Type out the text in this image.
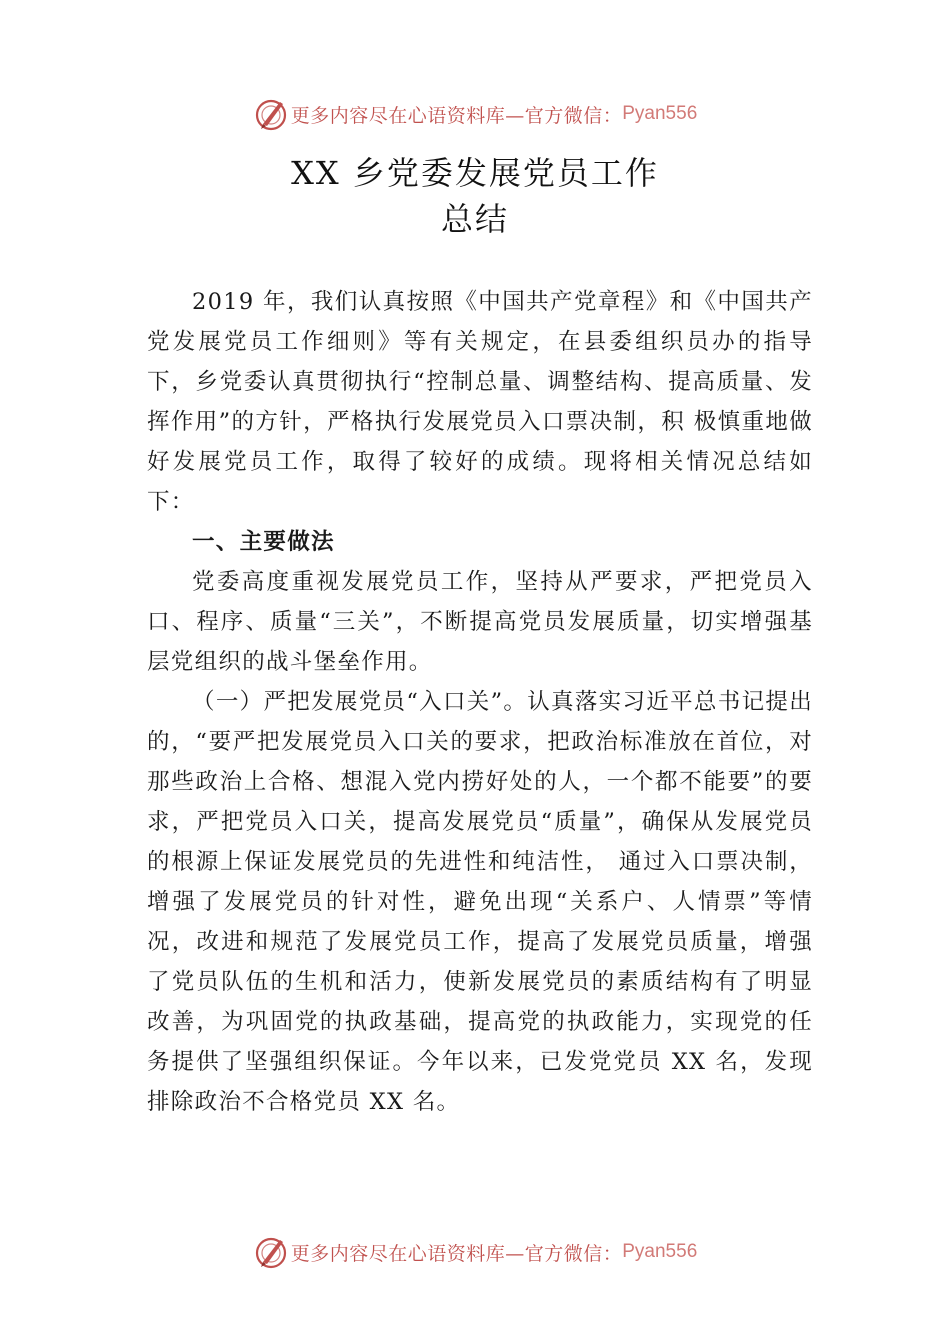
更多内容尽在心语资料库—官方微信： Pyan556
XX 乡党委发展党员工作
总结

2019 年，我们认真按照《中国共产党章程》和《中国共产党发展党员工作细则》等有关规定，在县委组织员办的指导下，乡党委认真贯彻执行“控制总量、调整结构、提高质量、发挥作用”的方针，严格执行发展党员入口票决制，积 极慎重地做好发展党员工作，取得了较好的成绩。现将相关情况总结如下：

一、主要做法

党委高度重视发展党员工作，坚持从严要求，严把党员入口、程序、质量“三关”，不断提高党员发展质量，切实增强基层党组织的战斗堡垒作用。

（一）严把发展党员“入口关”。认真落实习近平总书记提出的，“要严把发展党员入口关的要求，把政治标准放在首位，对那些政治上合格、想混入党内捞好处的人，一个都不能要”的要求，严把党员入口关，提高发展党员“质量”，确保从发展党员的根源上保证发展党员的先进性和纯洁性， 通过入口票决制，增强了发展党员的针对性，避免出现“关系户、人情票”等情况，改进和规范了发展党员工作，提高了发展党员质量，增强了党员队伍的生机和活力，使新发展党员的素质结构有了明显改善，为巩固党的执政基础，提高党的执政能力，实现党的任务提供了坚强组织保证。今年以来，已发党党员 XX 名，发现排除政治不合格党员 XX 名。

更多内容尽在心语资料库—官方微信： Pyan556
